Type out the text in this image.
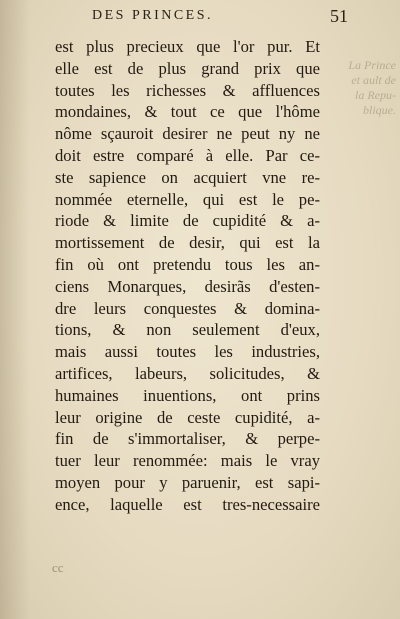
DES PRINCES.	51
est plus precieux que l'or pur. Et
elle est de plus grand prix que
toutes les richesses & affluences
mondaines, & tout ce que l'hôme
nôme sçauroit desirer ne peut ny ne
doit estre comparé à elle. Par ce-
ste sapience on acquiert vne re-
nommée eternelle, qui est le pe-
riode & limite de cupidité & a-
mortissement de desir, qui est la
fin où ont pretendu tous les an-
ciens Monarques, desirãs d'esten-
dre leurs conquestes & domina-
tions, & non seulement d'eux,
mais aussi toutes les industries,
artifices, labeurs, solicitudes, &
humaines inuentions, ont prins
leur origine de ceste cupidité, a-
fin de s'immortaliser, & perpe-
tuer leur renommée: mais le vray
moyen pour y paruenir, est sapi-
ence, laquelle est tres-necessaire
La Prince
et ault de
la Repu-
blique.
cc
